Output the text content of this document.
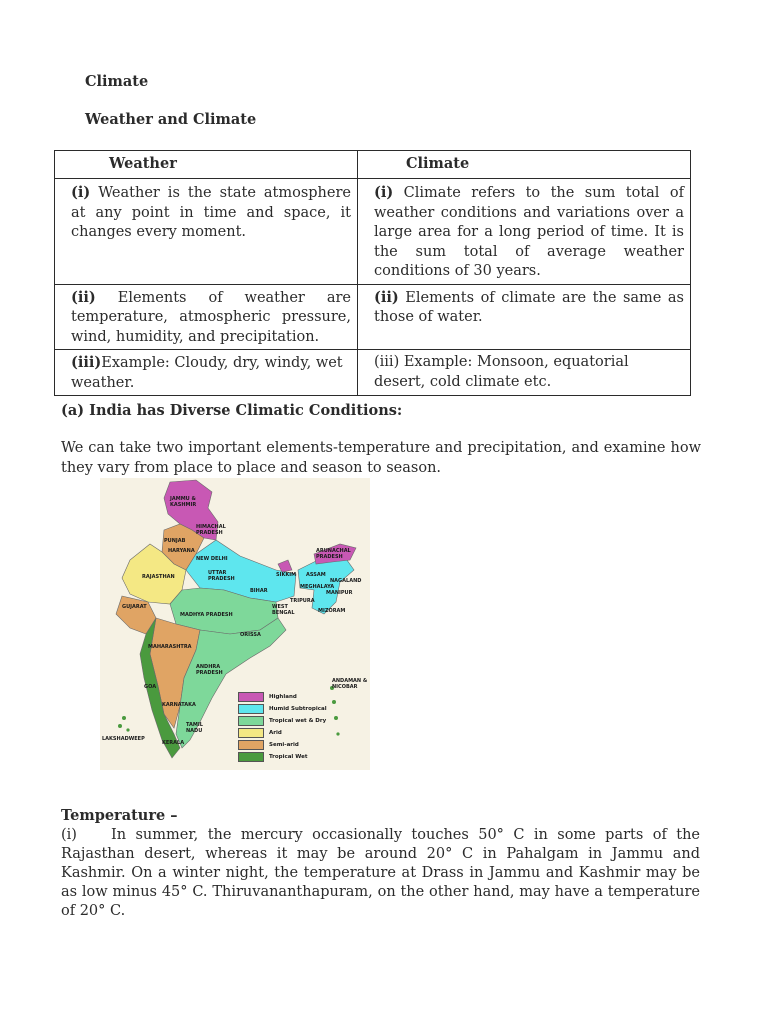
Climate
Weather and Climate
Weather	Climate
(i) Weather is the state atmosphere at any point in time and space, it changes every moment.	(i) Climate refers to the sum total of weather conditions and variations over a large area for a long period of time. It is the sum total of average weather conditions of 30 years.
(ii) Elements of weather are temperature, atmospheric pressure, wind, humidity, and precipitation.	(ii) Elements of climate are the same as those of water.
(iii)Example: Cloudy, dry, windy, wet weather.	(iii) Example: Monsoon, equatorial desert, cold climate etc.
(a) India has Diverse Climatic Conditions:
We can take two important elements-temperature and precipitation, and examine how they vary from place to place and season to season.
JAMMU & KASHMIR
HIMACHAL PRADESH
PUNJAB
HARYANA
NEW DELHI
RAJASTHAN
UTTAR PRADESH
GUJARAT
MADHYA PRADESH
BIHAR
WEST BENGAL
SIKKIM
ARUNACHAL PRADESH
ASSAM
NAGALAND
MEGHALAYA
MANIPUR
TRIPURA
MIZORAM
ORISSA
MAHARASHTRA
ANDHRA PRADESH
GOA
KARNATAKA
TAMIL NADU
KERALA
LAKSHADWEEP
ANDAMAN & NICOBAR
Highland
Humid Subtropical
Tropical wet & Dry
Arid
Semi-arid
Tropical Wet
Temperature –
(i) In summer, the mercury occasionally touches 50° C in some parts of the Rajasthan desert, whereas it may be around 20° C in Pahalgam in Jammu and Kashmir. On a winter night, the temperature at Drass in Jammu and Kashmir may be as low minus 45° C. Thiruvananthapuram, on the other hand, may have a temperature of 20° C.
